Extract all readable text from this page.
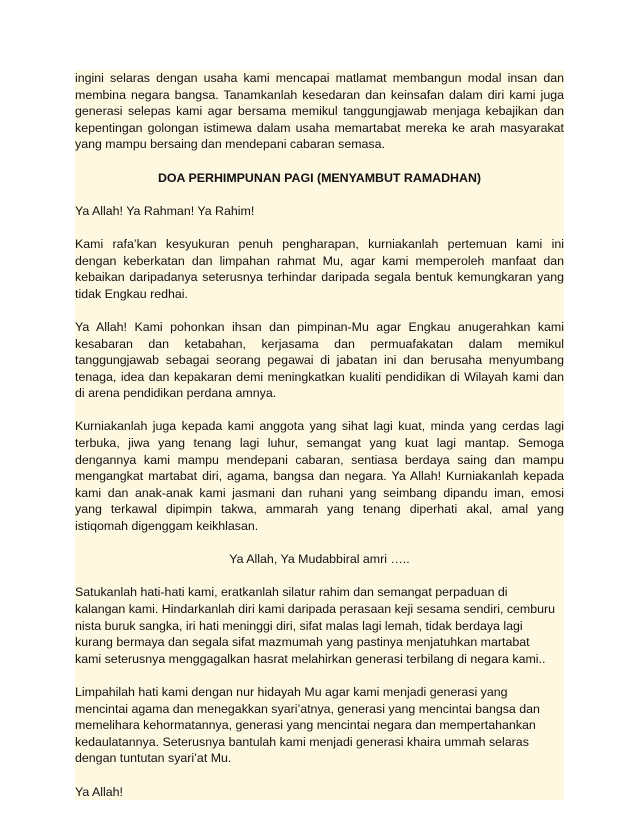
ingini selaras dengan usaha kami mencapai matlamat membangun modal insan dan
membina negara bangsa. Tanamkanlah kesedaran dan keinsafan dalam diri kami juga
generasi selepas kami agar bersama memikul tanggungjawab menjaga kebajikan dan
kepentingan golongan istimewa dalam usaha memartabat mereka ke arah masyarakat
yang mampu bersaing dan mendepani cabaran semasa.
DOA PERHIMPUNAN PAGI (MENYAMBUT RAMADHAN)
Ya Allah! Ya Rahman! Ya Rahim!
Kami rafa’kan kesyukuran penuh pengharapan, kurniakanlah pertemuan kami ini
dengan keberkatan dan limpahan rahmat Mu, agar kami memperoleh manfaat dan
kebaikan daripadanya seterusnya terhindar daripada segala bentuk kemungkaran yang
tidak Engkau redhai.
Ya Allah! Kami pohonkan ihsan dan pimpinan-Mu agar Engkau anugerahkan kami
kesabaran dan ketabahan, kerjasama dan permuafakatan dalam memikul
tanggungjawab sebagai seorang pegawai di jabatan ini dan berusaha menyumbang
tenaga, idea dan kepakaran demi meningkatkan kualiti pendidikan di Wilayah kami dan
di arena pendidikan perdana amnya.
Kurniakanlah juga kepada kami anggota yang sihat lagi kuat, minda yang cerdas lagi
terbuka, jiwa yang tenang lagi luhur, semangat yang kuat lagi mantap. Semoga
dengannya kami mampu mendepani cabaran, sentiasa berdaya saing dan mampu
mengangkat martabat diri, agama, bangsa dan negara. Ya Allah! Kurniakanlah kepada
kami dan anak-anak kami jasmani dan ruhani yang seimbang dipandu iman, emosi
yang terkawal dipimpin takwa, ammarah yang tenang diperhati akal, amal yang
istiqomah digenggam keikhlasan.
Ya Allah, Ya Mudabbiral amri …..
Satukanlah hati-hati kami, eratkanlah silatur rahim dan semangat perpaduan di
kalangan kami. Hindarkanlah diri kami daripada perasaan keji sesama sendiri, cemburu
nista buruk sangka, iri hati meninggi diri, sifat malas lagi lemah, tidak berdaya lagi
kurang bermaya dan segala sifat mazmumah yang pastinya menjatuhkan martabat
kami seterusnya menggagalkan hasrat melahirkan generasi terbilang di negara kami..
Limpahilah hati kami dengan nur hidayah Mu agar kami menjadi generasi yang
mencintai agama dan menegakkan syari’atnya, generasi yang mencintai bangsa dan
memelihara kehormatannya, generasi yang mencintai negara dan mempertahankan
kedaulatannya. Seterusnya bantulah kami menjadi generasi khaira ummah selaras
dengan tuntutan syari’at Mu.
Ya Allah!
